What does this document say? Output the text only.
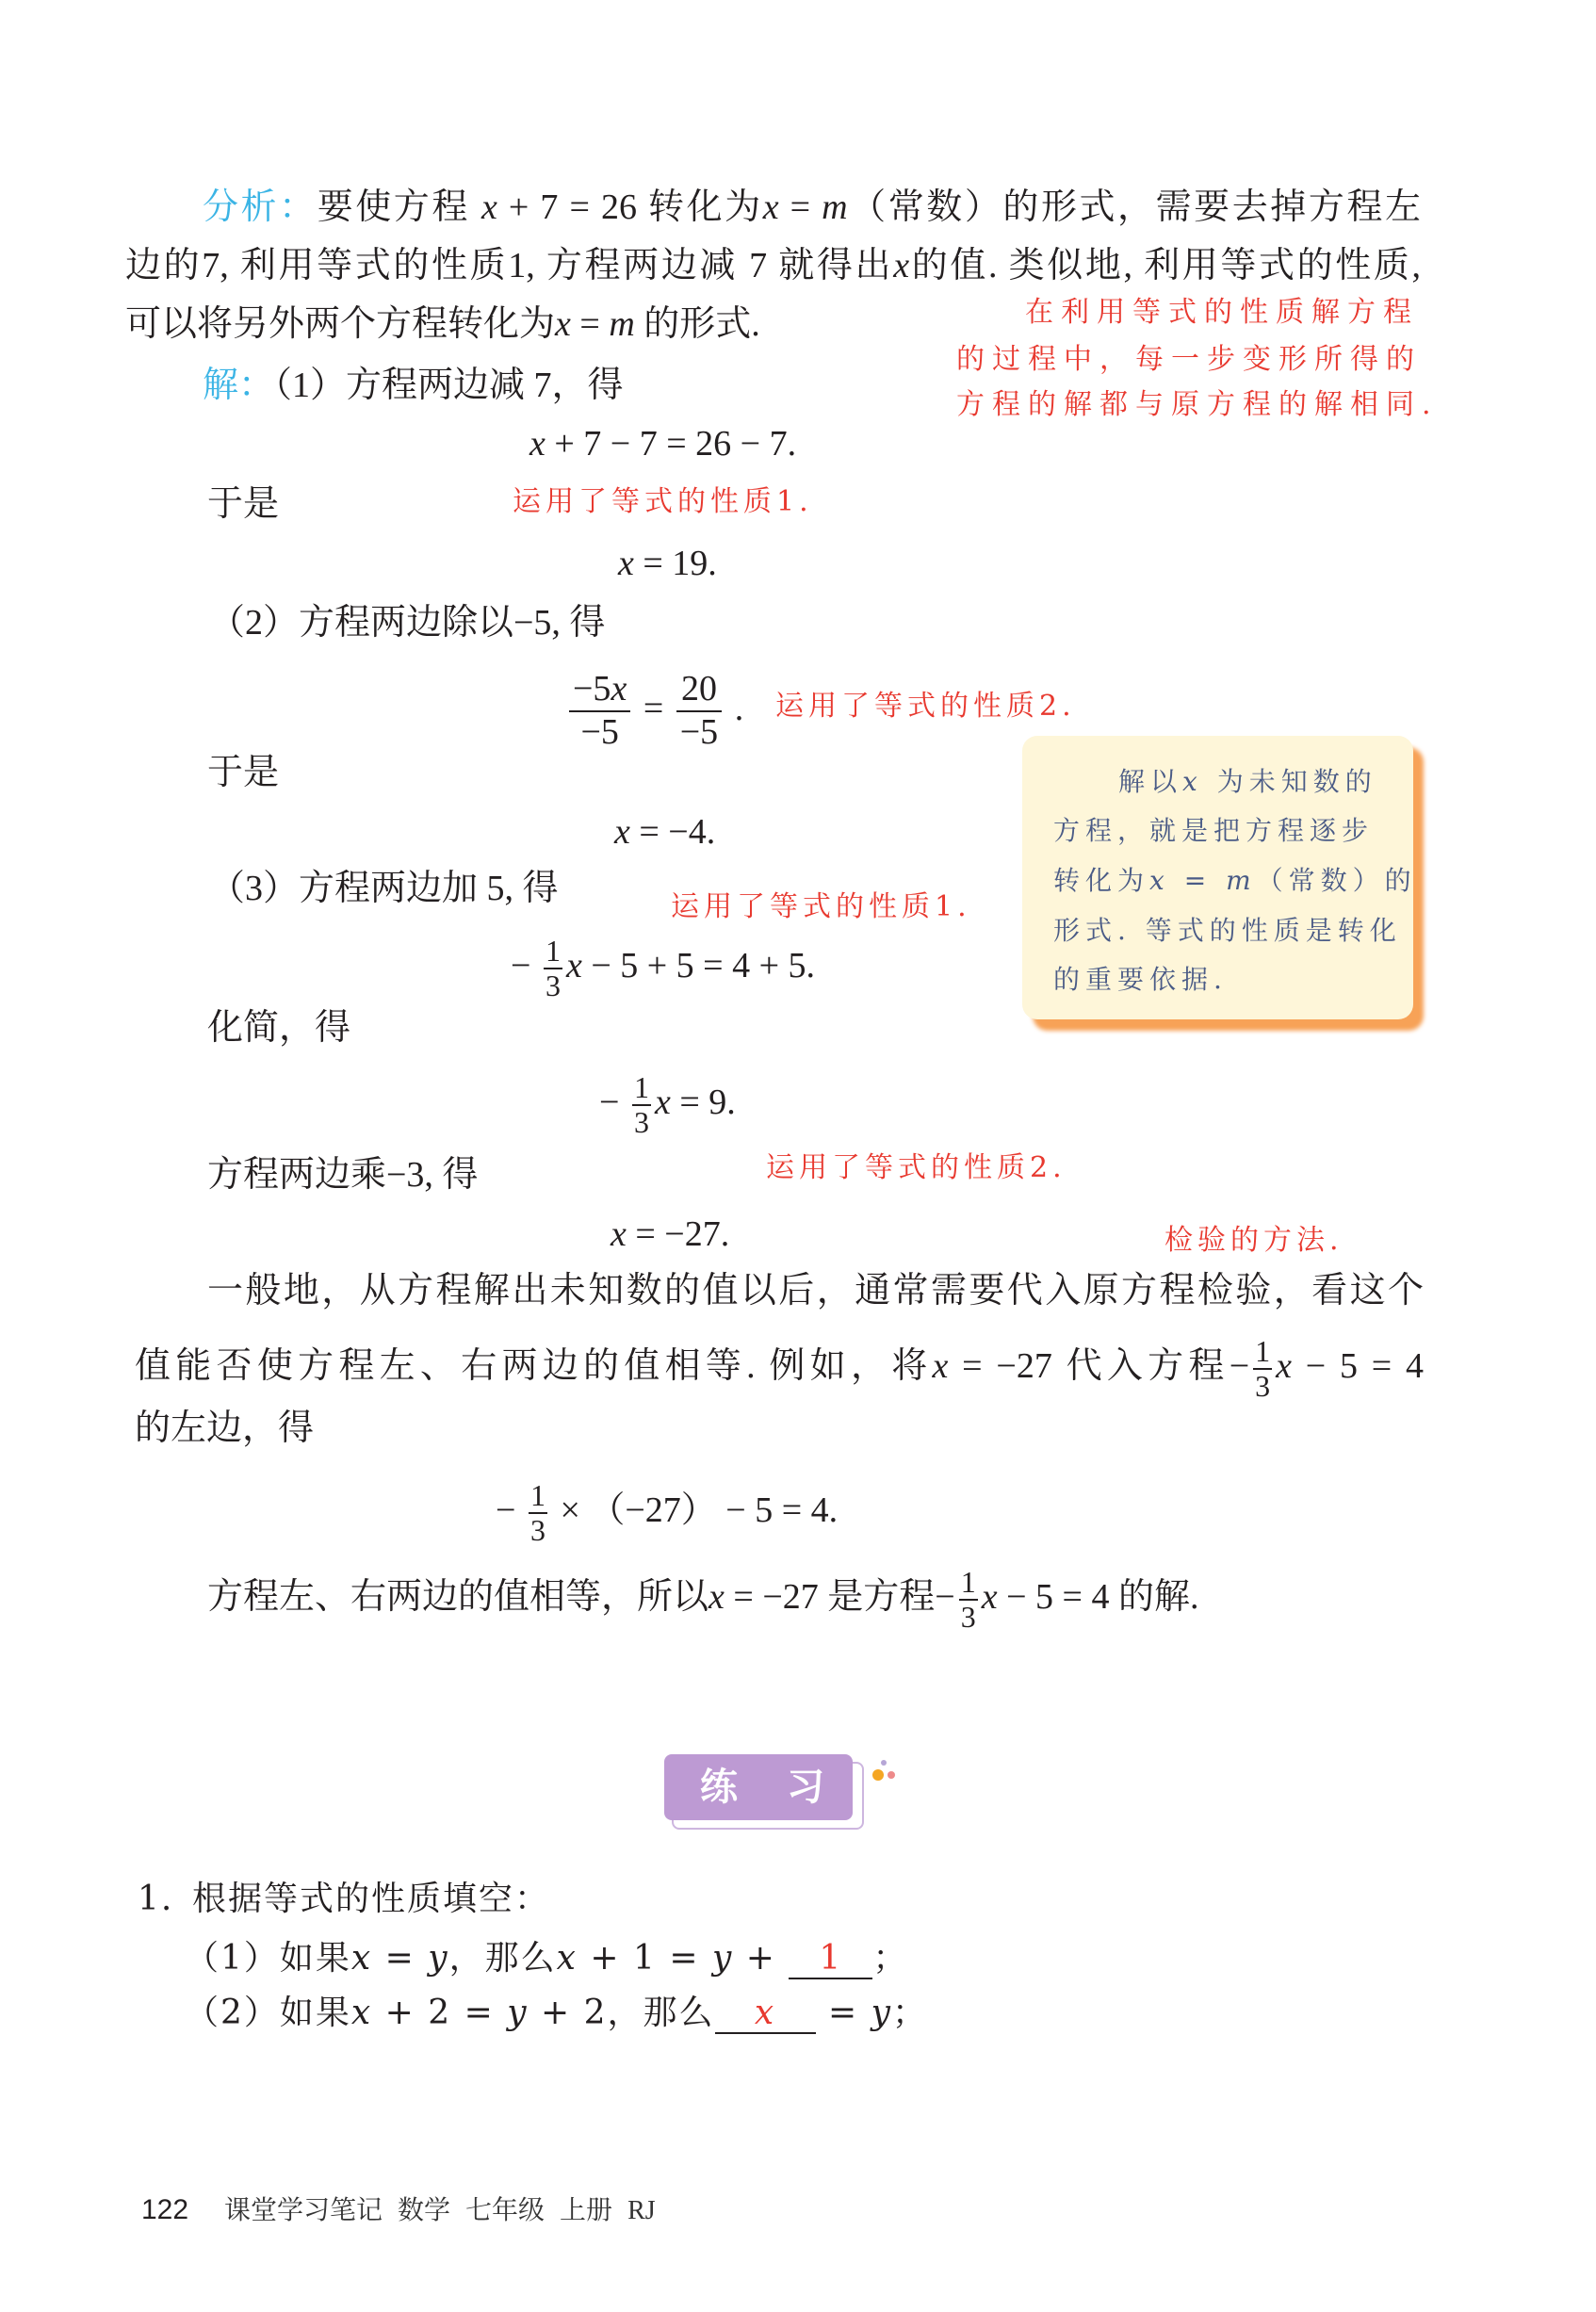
分析：要使方程 x + 7 = 26 转化为x = m（常数）的形式，需要去掉方程左
边的7, 利用等式的性质1, 方程两边减 7 就得出x的值. 类似地, 利用等式的性质,
可以将另外两个方程转化为x = m 的形式.	在利用等式的性质解方程
的过程中，每一步变形所得的
方程的解都与原方程的解相同.
解：（1）方程两边减 7，得
x + 7 − 7 = 26 − 7.
于是	运用了等式的性质1.
x = 19.
（2）方程两边除以−5, 得
$\frac{-5x}{-5} = \frac{20}{-5}$ . 运用了等式的性质2.
于是
x = −4.
（3）方程两边加 5, 得	运用了等式的性质1.
− $\frac{1}{3}$ x − 5 + 5 = 4 + 5.
化简，得
− $\frac{1}{3}$ x = 9.
方程两边乘−3, 得	运用了等式的性质2.
x = −27.	检验的方法.
解以x 为未知数的
方程，就是把方程逐步
转化为x = m（常数）的
形式. 等式的性质是转化
的重要依据.
一般地，从方程解出未知数的值以后，通常需要代入原方程检验，看这个
值能否使方程左、右两边的值相等. 例如，将x = −27 代入方程− $\frac{1}{3}$ x − 5 = 4
的左边，得
− $\frac{1}{3} \times (-27) - 5 = 4$.
方程左、右两边的值相等，所以x = −27 是方程− $\frac{1}{3}$ x − 5 = 4 的解.
练 习
1. 根据等式的性质填空：
（1）如果x = y，那么x + 1 = y + 1 ；
（2）如果x + 2 = y + 2，那么 x = y；
122 课堂学习笔记 数学 七年级 上册 RJ
